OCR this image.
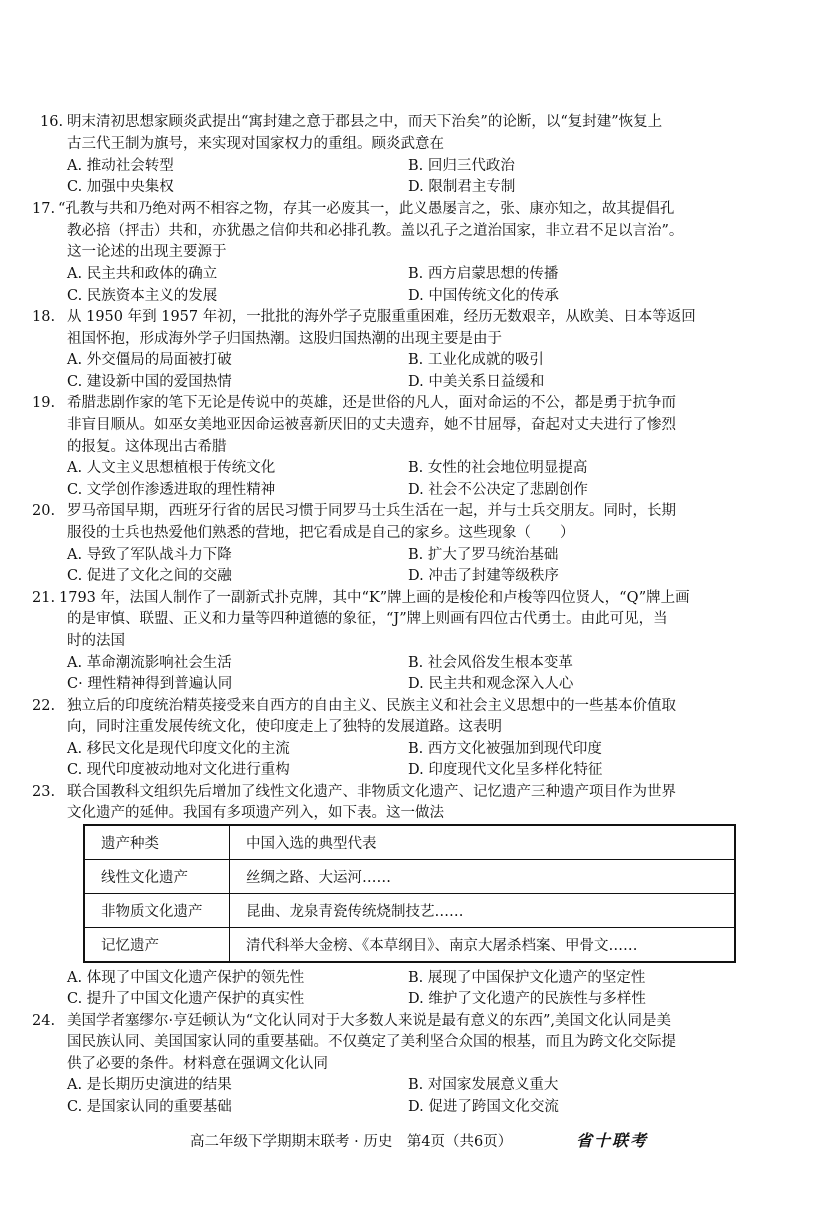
16. 明末清初思想家顾炎武提出“寓封建之意于郡县之中，而天下治矣”的论断，以“复封建”恢复上
古三代王制为旗号，来实现对国家权力的重组。顾炎武意在
A. 推动社会转型	B. 回归三代政治
C. 加强中央集权	D. 限制君主专制
17. “孔教与共和乃绝对两不相容之物，存其一必废其一，此义愚屡言之，张、康亦知之，故其提倡孔
教必掊（抨击）共和，亦犹愚之信仰共和必排孔教。盖以孔子之道治国家，非立君不足以言治”。
这一论述的出现主要源于
A. 民主共和政体的确立	B. 西方启蒙思想的传播
C. 民族资本主义的发展	D. 中国传统文化的传承
18. 从 1950 年到 1957 年初，一批批的海外学子克服重重困难，经历无数艰辛，从欧美、日本等返回
祖国怀抱，形成海外学子归国热潮。这股归国热潮的出现主要是由于
A. 外交僵局的局面被打破	B. 工业化成就的吸引
C. 建设新中国的爱国热情	D. 中美关系日益缓和
19. 希腊悲剧作家的笔下无论是传说中的英雄，还是世俗的凡人，面对命运的不公，都是勇于抗争而
非盲目顺从。如巫女美地亚因命运被喜新厌旧的丈夫遗弃，她不甘屈辱，奋起对丈夫进行了惨烈
的报复。这体现出古希腊
A. 人文主义思想植根于传统文化	B. 女性的社会地位明显提高
C. 文学创作渗透进取的理性精神	D. 社会不公决定了悲剧创作
20. 罗马帝国早期，西班牙行省的居民习惯于同罗马士兵生活在一起，并与士兵交朋友。同时，长期
服役的士兵也热爱他们熟悉的营地，把它看成是自己的家乡。这些现象（　　）
A. 导致了军队战斗力下降	B. 扩大了罗马统治基础
C. 促进了文化之间的交融	D. 冲击了封建等级秩序
21. 1793 年，法国人制作了一副新式扑克牌，其中“K”牌上画的是梭伦和卢梭等四位贤人，“Q”牌上画
的是审慎、联盟、正义和力量等四种道德的象征，“J”牌上则画有四位古代勇士。由此可见，当
时的法国
A. 革命潮流影响社会生活	B. 社会风俗发生根本变革
C· 理性精神得到普遍认同	D. 民主共和观念深入人心
22. 独立后的印度统治精英接受来自西方的自由主义、民族主义和社会主义思想中的一些基本价值取
向，同时注重发展传统文化，使印度走上了独特的发展道路。这表明
A. 移民文化是现代印度文化的主流	B. 西方文化被强加到现代印度
C. 现代印度被动地对文化进行重构	D. 印度现代文化呈多样化特征
23. 联合国教科文组织先后增加了线性文化遗产、非物质文化遗产、记忆遗产三种遗产项目作为世界
文化遗产的延伸。我国有多项遗产列入，如下表。这一做法
遗产种类	中国入选的典型代表
线性文化遗产	丝绸之路、大运河……
非物质文化遗产	昆曲、龙泉青瓷传统烧制技艺……
记忆遗产	清代科举大金榜、《本草纲目》、南京大屠杀档案、甲骨文……
A. 体现了中国文化遗产保护的领先性	B. 展现了中国保护文化遗产的坚定性
C. 提升了中国文化遗产保护的真实性	D. 维护了文化遗产的民族性与多样性
24. 美国学者塞缪尔·亨廷顿认为“文化认同对于大多数人来说是最有意义的东西”,美国文化认同是美
国民族认同、美国国家认同的重要基础。不仅奠定了美利坚合众国的根基，而且为跨文化交际提
供了必要的条件。材料意在强调文化认同
A. 是长期历史演进的结果	B. 对国家发展意义重大
C. 是国家认同的重要基础	D. 促进了跨国文化交流
高二年级下学期期末联考 · 历史　第4页（共6页）	省十联考
